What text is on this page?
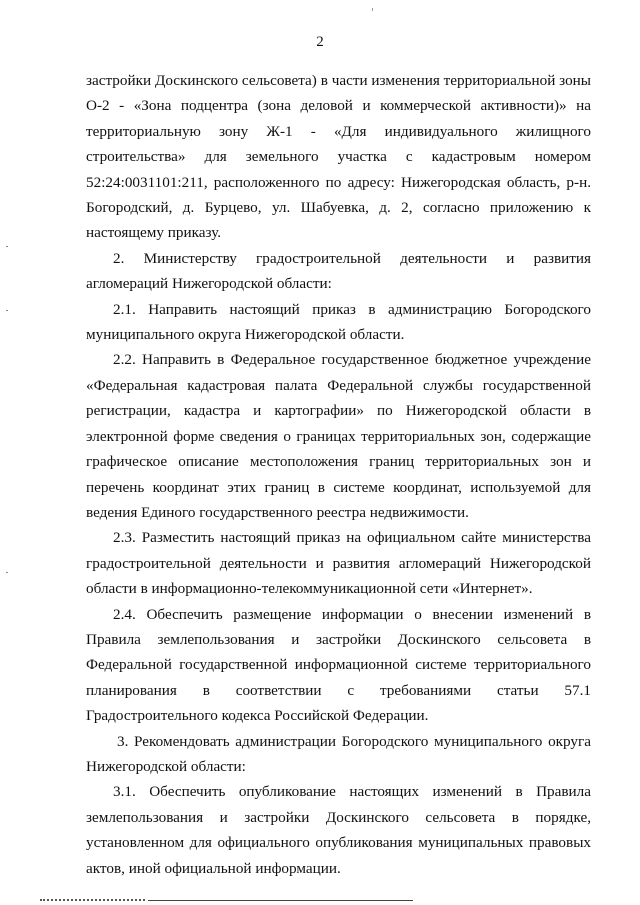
2

застройки Доскинского сельсовета) в части изменения территориальной зоны О-2 - «Зона подцентра (зона деловой и коммерческой активности)» на территориальную зону Ж-1 - «Для индивидуального жилищного строительства» для земельного участка с кадастровым номером 52:24:0031101:211, расположенного по адресу: Нижегородская область, р-н. Богородский, д. Бурцево, ул. Шабуевка, д. 2, согласно приложению к настоящему приказу.

2. Министерству градостроительной деятельности и развития агломераций Нижегородской области:

2.1. Направить настоящий приказ в администрацию Богородского муниципального округа Нижегородской области.

2.2. Направить в Федеральное государственное бюджетное учреждение «Федеральная кадастровая палата Федеральной службы государственной регистрации, кадастра и картографии» по Нижегородской области в электронной форме сведения о границах территориальных зон, содержащие графическое описание местоположения границ территориальных зон и перечень координат этих границ в системе координат, используемой для ведения Единого государственного реестра недвижимости.

2.3. Разместить настоящий приказ на официальном сайте министерства градостроительной деятельности и развития агломераций Нижегородской области в информационно-телекоммуникационной сети «Интернет».

2.4. Обеспечить размещение информации о внесении изменений в Правила землепользования и застройки Доскинского сельсовета в Федеральной государственной информационной системе территориального планирования в соответствии с требованиями статьи 57.1 Градостроительного кодекса Российской Федерации.

3. Рекомендовать администрации Богородского муниципального округа Нижегородской области:

3.1. Обеспечить опубликование настоящих изменений в Правила землепользования и застройки Доскинского сельсовета в порядке, установленном для официального опубликования муниципальных правовых актов, иной официальной информации.
